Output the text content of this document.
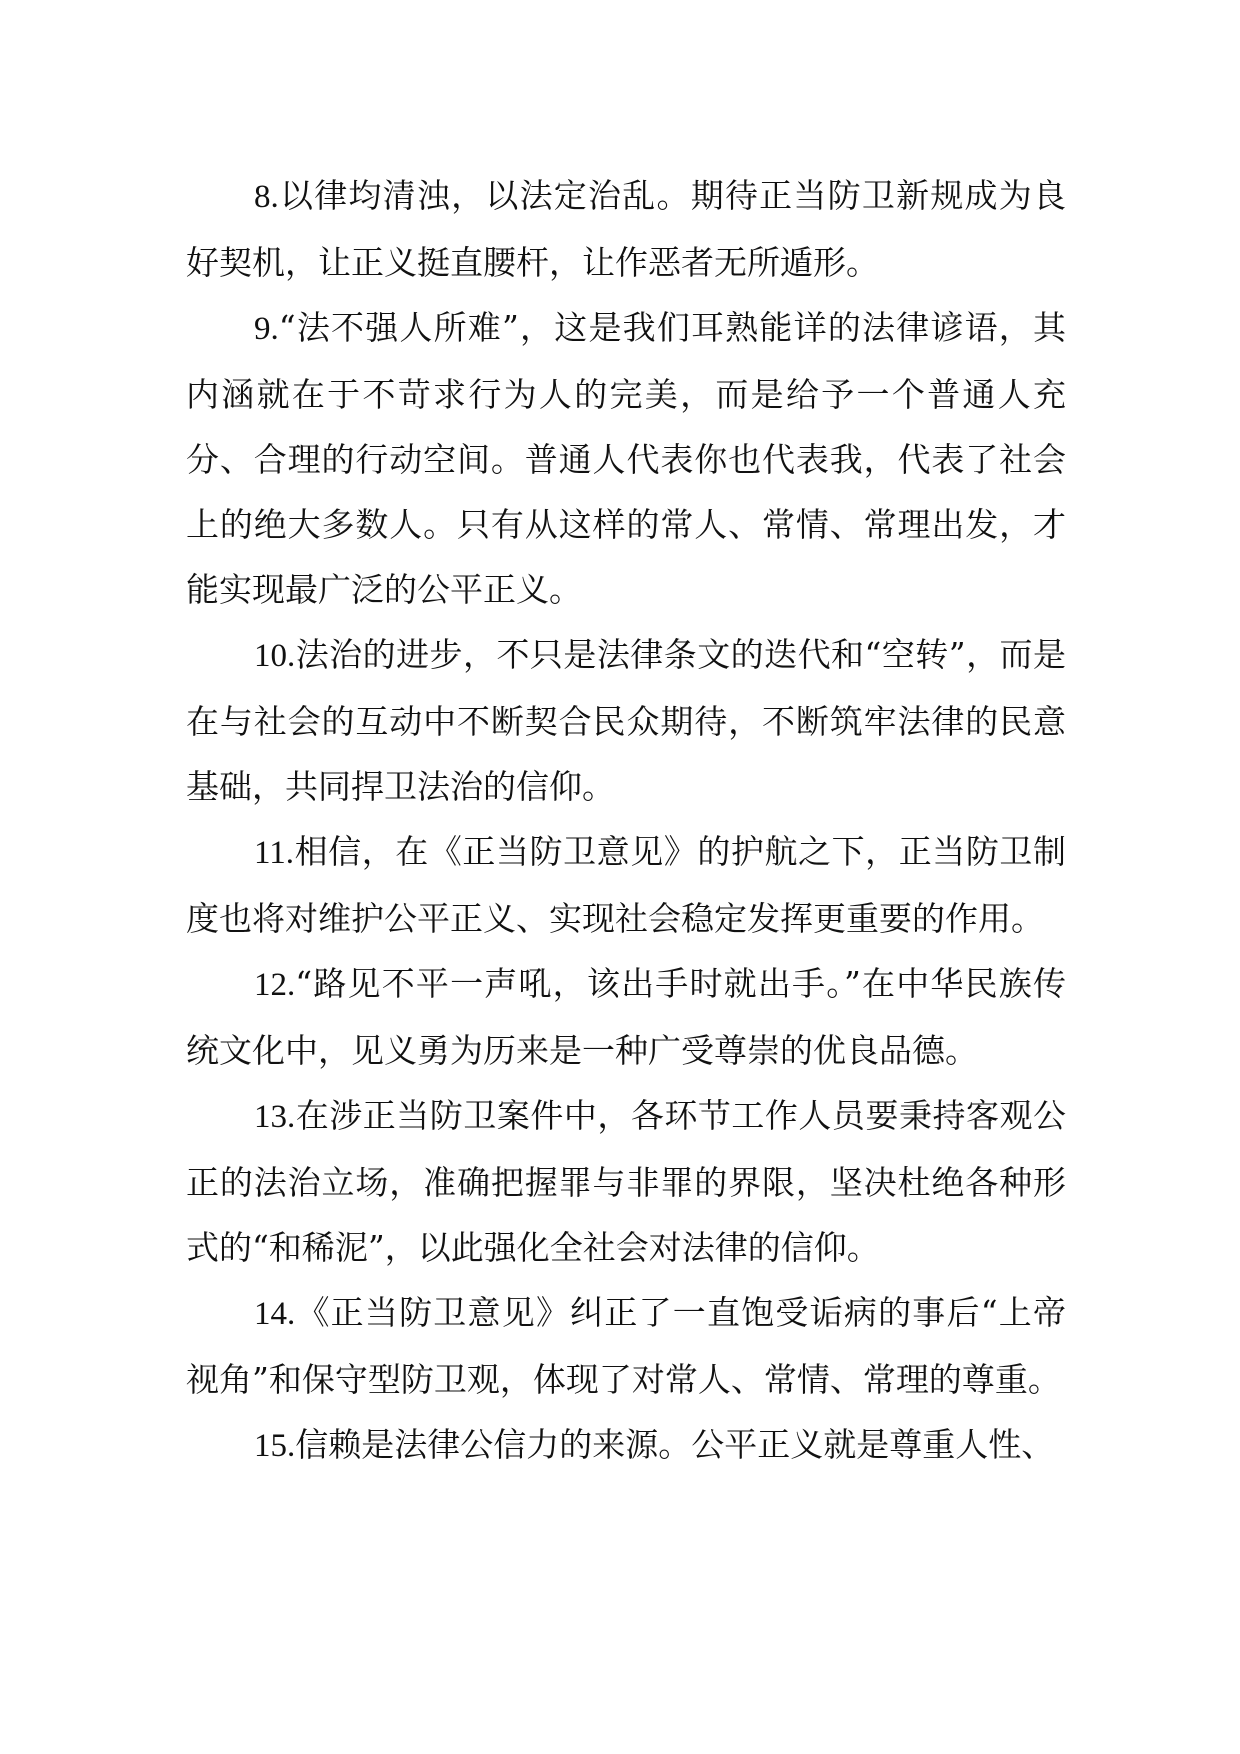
8.以律均清浊，以法定治乱。期待正当防卫新规成为良好契机，让正义挺直腰杆，让作恶者无所遁形。

9.“法不强人所难”，这是我们耳熟能详的法律谚语，其内涵就在于不苛求行为人的完美，而是给予一个普通人充分、合理的行动空间。普通人代表你也代表我，代表了社会上的绝大多数人。只有从这样的常人、常情、常理出发，才能实现最广泛的公平正义。

10.法治的进步，不只是法律条文的迭代和“空转”，而是在与社会的互动中不断契合民众期待，不断筑牢法律的民意基础，共同捍卫法治的信仰。

11.相信，在《正当防卫意见》的护航之下，正当防卫制度也将对维护公平正义、实现社会稳定发挥更重要的作用。

12.“路见不平一声吼，该出手时就出手。”在中华民族传统文化中，见义勇为历来是一种广受尊崇的优良品德。

13.在涉正当防卫案件中，各环节工作人员要秉持客观公正的法治立场，准确把握罪与非罪的界限，坚决杜绝各种形式的“和稀泥”，以此强化全社会对法律的信仰。

14.《正当防卫意见》纠正了一直饱受诟病的事后“上帝视角”和保守型防卫观，体现了对常人、常情、常理的尊重。

15.信赖是法律公信力的来源。公平正义就是尊重人性、
